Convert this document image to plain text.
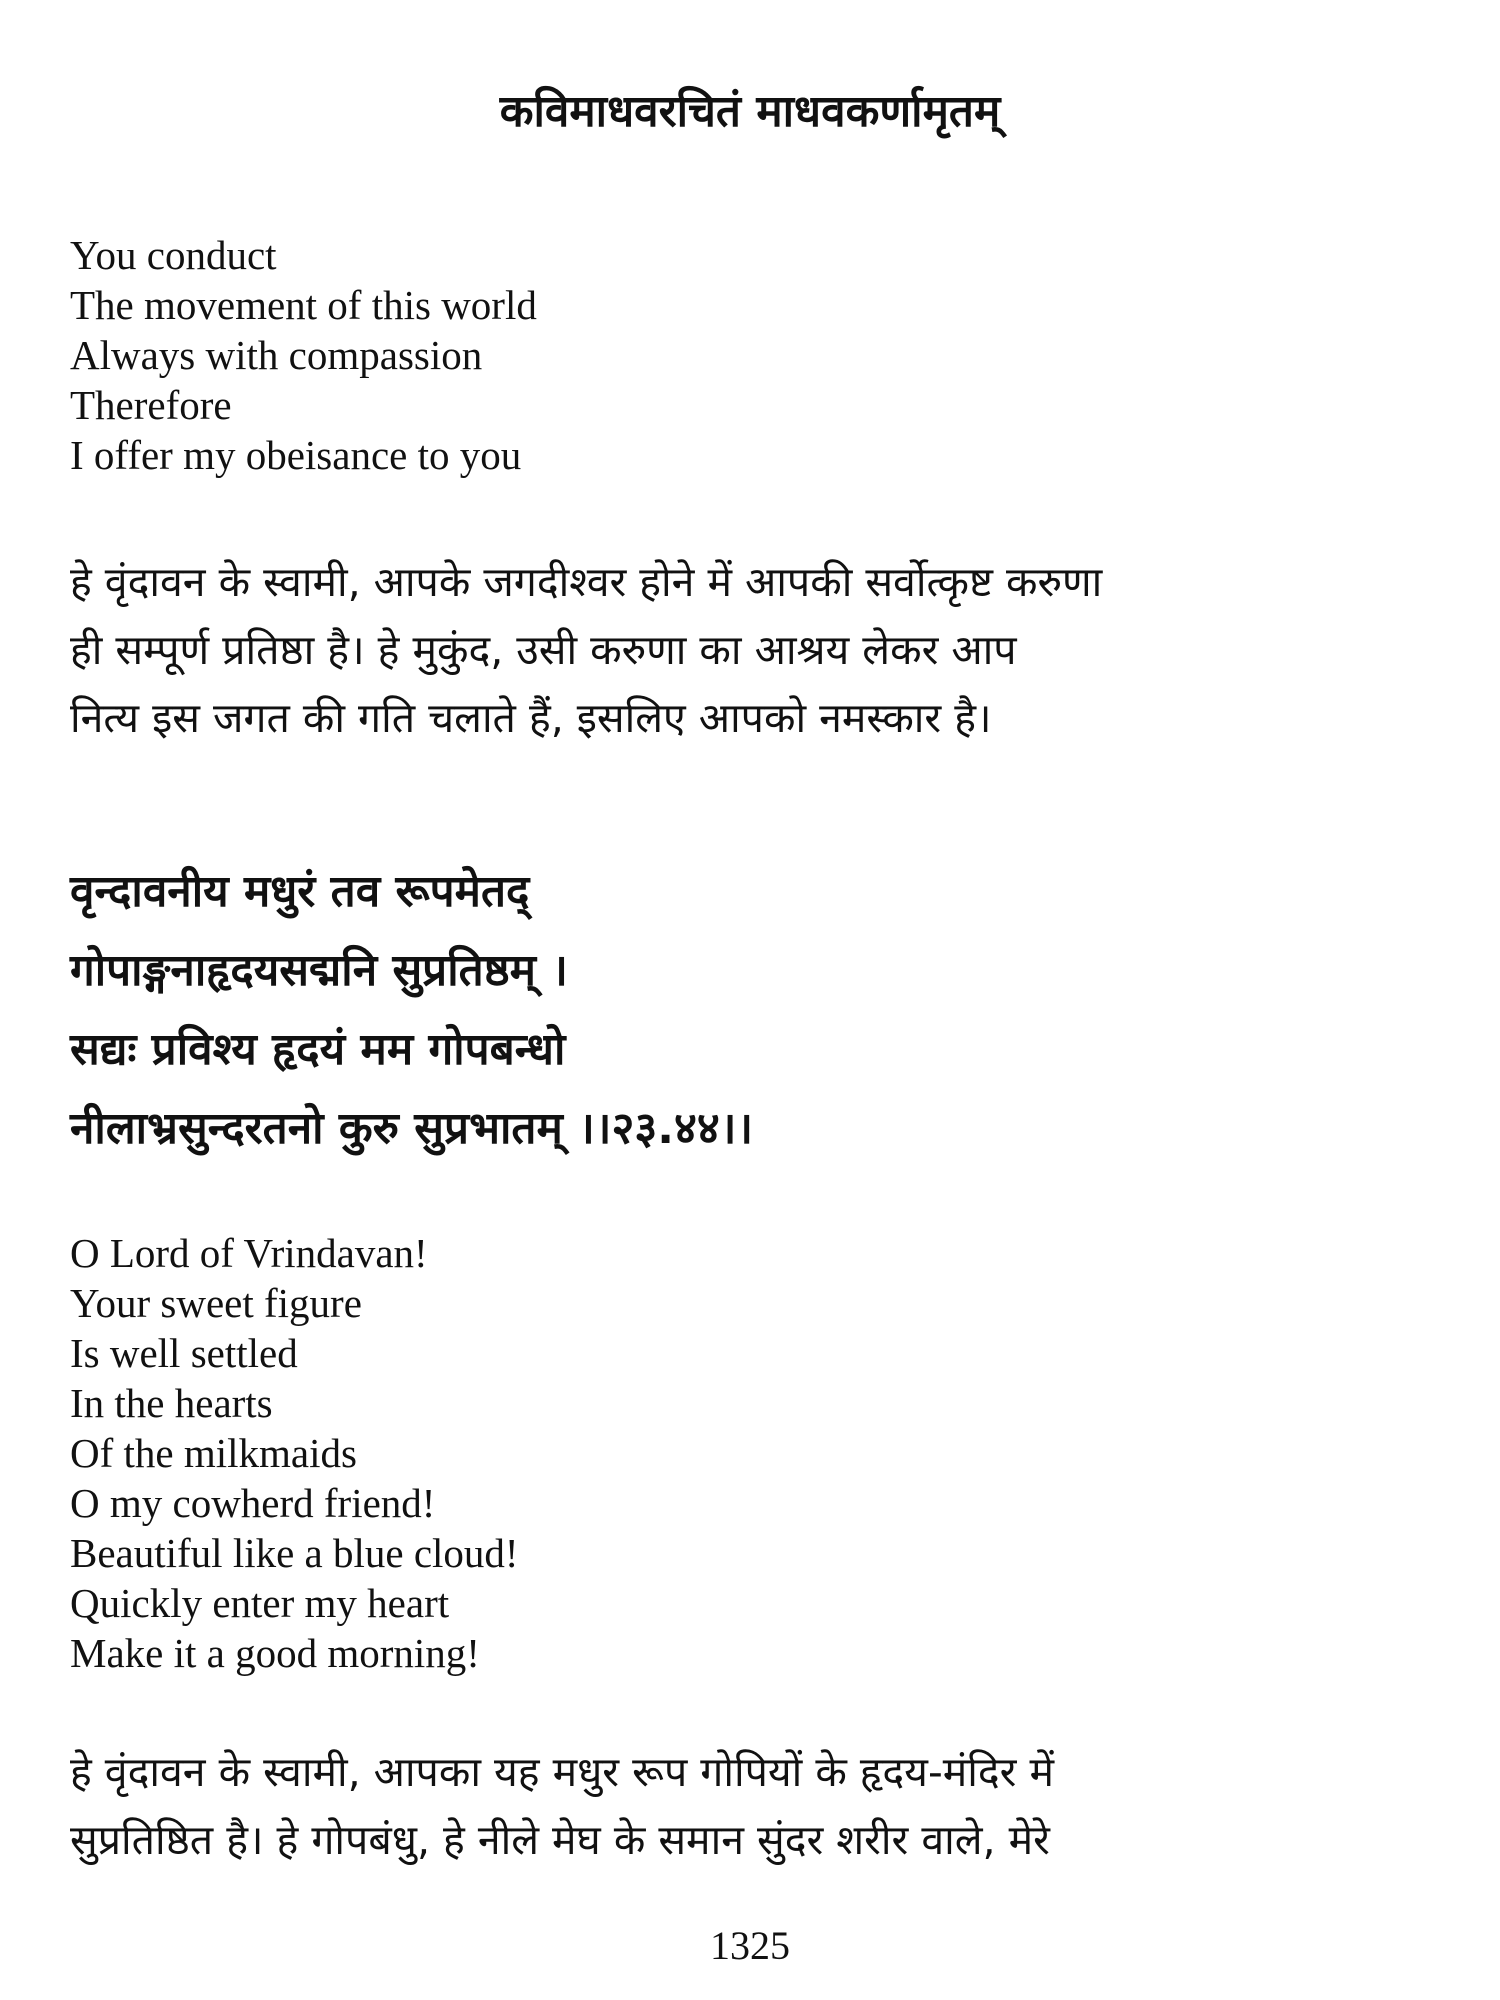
कविमाधवरचितं माधवकर्णामृतम्
You conduct
The movement of this world
Always with compassion
Therefore
I offer my obeisance to you
हे वृंदावन के स्वामी, आपके जगदीश्वर होने में आपकी सर्वोत्कृष्ट करुणा
ही सम्पूर्ण प्रतिष्ठा है। हे मुकुंद, उसी करुणा का आश्रय लेकर आप
नित्य इस जगत की गति चलाते हैं, इसलिए आपको नमस्कार है।
वृन्दावनीय मधुरं तव रूपमेतद्
गोपाङ्गनाहृदयसद्मनि सुप्रतिष्ठम् ।
सद्यः प्रविश्य हृदयं मम गोपबन्धो
नीलाभ्रसुन्दरतनो कुरु सुप्रभातम् ।।२३.४४।।
O Lord of Vrindavan!
Your sweet figure
Is well settled
In the hearts
Of the milkmaids
O my cowherd friend!
Beautiful like a blue cloud!
Quickly enter my heart
Make it a good morning!
हे वृंदावन के स्वामी, आपका यह मधुर रूप गोपियों के हृदय-मंदिर में
सुप्रतिष्ठित है। हे गोपबंधु, हे नीले मेघ के समान सुंदर शरीर वाले, मेरे
1325
